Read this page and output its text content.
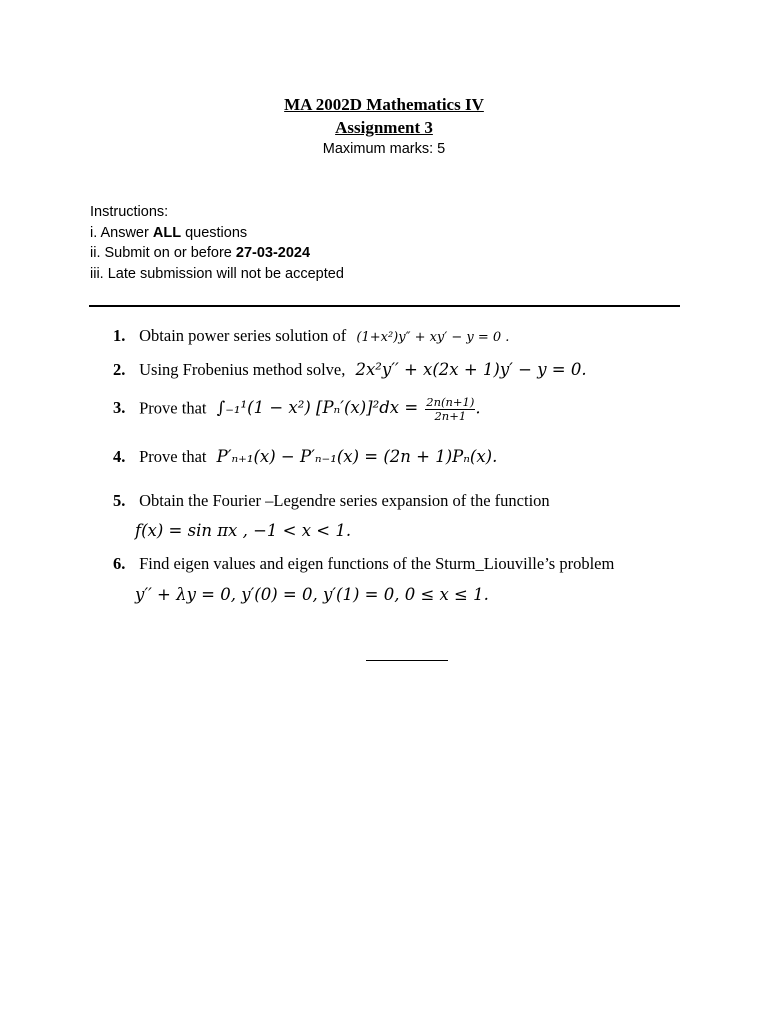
MA 2002D Mathematics IV
Assignment 3
Maximum marks: 5
Instructions:
i. Answer ALL questions
ii. Submit on or before 27-03-2024
iii. Late submission will not be accepted
1. Obtain power series solution of (1+x²)y″ + xy′ − y = 0 .
2. Using Frobenius method solve, 2x²y′′ + x(2x + 1)y′ − y = 0.
3. Prove that ∫₋₁¹(1 − x²) $[P_n'(x)]^2dx = \frac{2n(n+1)}{2n+1}$ .
4. Prove that P′ₙ₊₁(x) − P′ₙ₋₁(x) = (2n + 1)Pₙ(x).
5. Obtain the Fourier –Legendre series expansion of the function
f(x) = sin πx , −1 < x < 1.
6. Find eigen values and eigen functions of the Sturm_Liouville’s problem
y′′ + λy = 0, y′(0) = 0, y′(1) = 0, 0 ≤ x ≤ 1.
